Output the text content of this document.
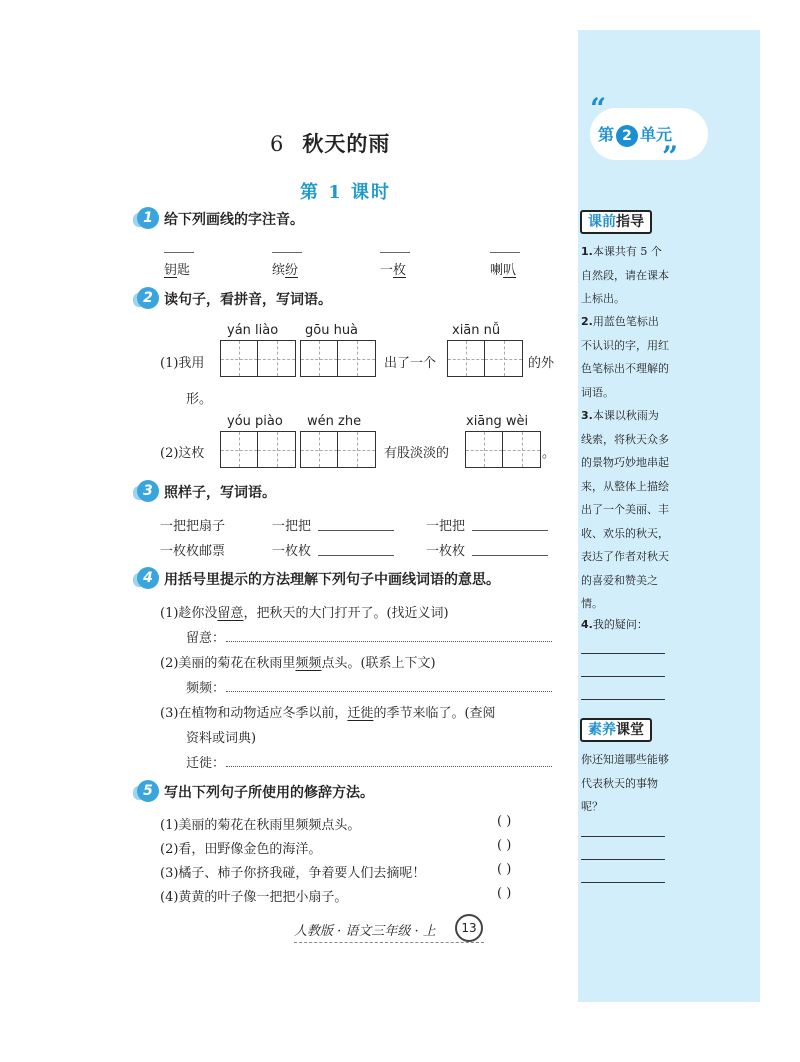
6 秋天的雨
第 1 课时
1 给下列画线的字注音。
钥匙	缤纷	一枚	喇叭
2 读句子，看拼音，写词语。
yán liào gōu huà	xiān nǚ
(1)我用	出了一个	的外
形。
yóu piào wén zhe	xiāng wèi
(2)这枚	有股淡淡的	。
3 照样子，写词语。
一把把扇子	一把把	一把把
一枚枚邮票	一枚枚	一枚枚
4 用括号里提示的方法理解下列句子中画线词语的意思。
(1)趁你没留意，把秋天的大门打开了。(找近义词)
留意：
(2)美丽的菊花在秋雨里频频点头。(联系上下文)
频频：
(3)在植物和动物适应冬季以前，迁徙的季节来临了。(查阅
资料或词典)
迁徙：
5 写出下列句子所使用的修辞方法。
(1)美丽的菊花在秋雨里频频点头。	( )
(2)看，田野像金色的海洋。	( )
(3)橘子、柿子你挤我碰，争着要人们去摘呢！	( )
(4)黄黄的叶子像一把把小扇子。	( )
“
第 2 单元
”
课前指导
1.本课共有 5 个自然段，请在课本上标出。
2.用蓝色笔标出不认识的字，用红色笔标出不理解的词语。
3.本课以秋雨为线索，将秋天众多的景物巧妙地串起来，从整体上描绘出了一个美丽、丰收、欢乐的秋天，表达了作者对秋天的喜爱和赞美之情。
4.我的疑问：
素养课堂
你还知道哪些能够代表秋天的事物呢？
人教版 · 语文三年级 · 上	13
